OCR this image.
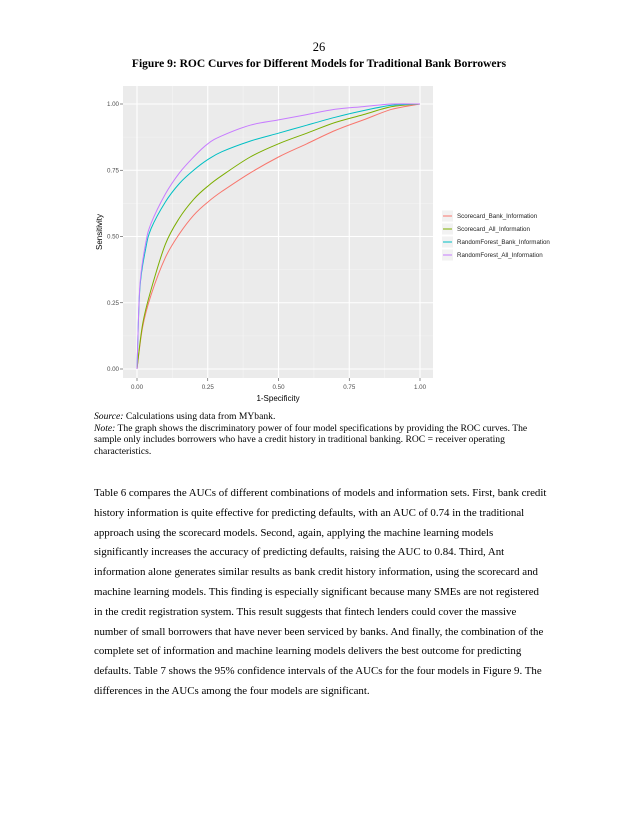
26
Figure 9: ROC Curves for Different Models for Traditional Bank Borrowers
0.00	0.25	0.50	0.75	1.00
0.00
0.25
0.50
0.75
1.00
1-Specificity
Sensitivity	Scorecard_Bank_Information
Scorecard_All_Information
RandomForest_Bank_Information
RandomForest_All_Information

Source: Calculations using data from MYbank.

Note: The graph shows the discriminatory power of four model specifications by providing the ROC curves. The sample only includes borrowers who have a credit history in traditional banking. ROC = receiver operating characteristics.

Table 6 compares the AUCs of different combinations of models and information sets. First, bank credit history information is quite effective for predicting defaults, with an AUC of 0.74 in the traditional approach using the scorecard models. Second, again, applying the machine learning models significantly increases the accuracy of predicting defaults, raising the AUC to 0.84. Third, Ant information alone generates similar results as bank credit history information, using the scorecard and machine learning models. This finding is especially significant because many SMEs are not registered in the credit registration system. This result suggests that fintech lenders could cover the massive number of small borrowers that have never been serviced by banks. And finally, the combination of the complete set of information and machine learning models delivers the best outcome for predicting defaults. Table 7 shows the 95% confidence intervals of the AUCs for the four models in Figure 9. The differences in the AUCs among the four models are significant.
